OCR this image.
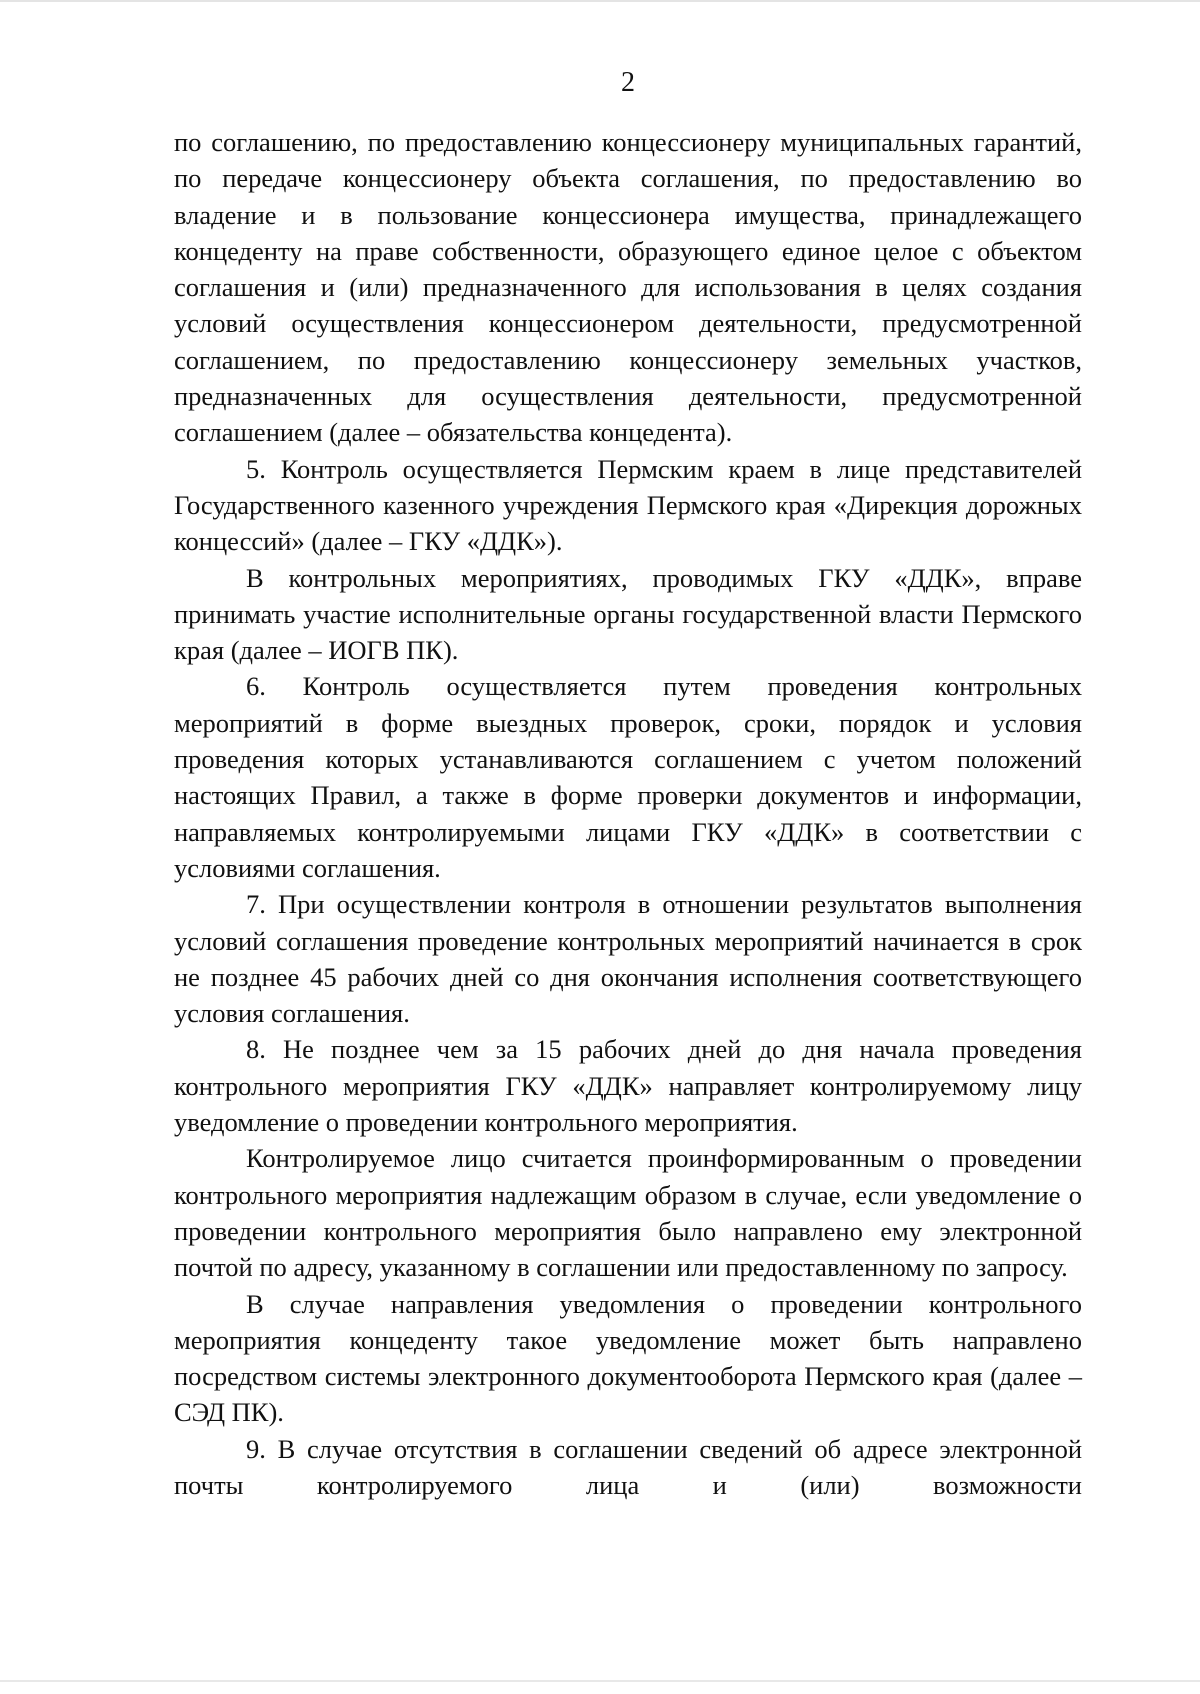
2

по соглашению, по предоставлению концессионеру муниципальных гарантий, по передаче концессионеру объекта соглашения, по предоставлению во владение и в пользование концессионера имущества, принадлежащего концеденту на праве собственности, образующего единое целое с объектом соглашения и (или) предназначенного для использования в целях создания условий осуществления концессионером деятельности, предусмотренной соглашением, по предоставлению концессионеру земельных участков, предназначенных для осуществления деятельности, предусмотренной соглашением (далее – обязательства концедента).

5. Контроль осуществляется Пермским краем в лице представителей Государственного казенного учреждения Пермского края «Дирекция дорожных концессий» (далее – ГКУ «ДДК»).

В контрольных мероприятиях, проводимых ГКУ «ДДК», вправе принимать участие исполнительные органы государственной власти Пермского края (далее – ИОГВ ПК).

6. Контроль осуществляется путем проведения контрольных мероприятий в форме выездных проверок, сроки, порядок и условия проведения которых устанавливаются соглашением с учетом положений настоящих Правил, а также в форме проверки документов и информации, направляемых контролируемыми лицами ГКУ «ДДК» в соответствии с условиями соглашения.

7. При осуществлении контроля в отношении результатов выполнения условий соглашения проведение контрольных мероприятий начинается в срок не позднее 45 рабочих дней со дня окончания исполнения соответствующего условия соглашения.

8. Не позднее чем за 15 рабочих дней до дня начала проведения контрольного мероприятия ГКУ «ДДК» направляет контролируемому лицу уведомление о проведении контрольного мероприятия.

Контролируемое лицо считается проинформированным о проведении контрольного мероприятия надлежащим образом в случае, если уведомление о проведении контрольного мероприятия было направлено ему электронной почтой по адресу, указанному в соглашении или предоставленному по запросу.

В случае направления уведомления о проведении контрольного мероприятия концеденту такое уведомление может быть направлено посредством системы электронного документооборота Пермского края (далее – СЭД ПК).

9. В случае отсутствия в соглашении сведений об адресе электронной почты контролируемого лица и (или) возможности
